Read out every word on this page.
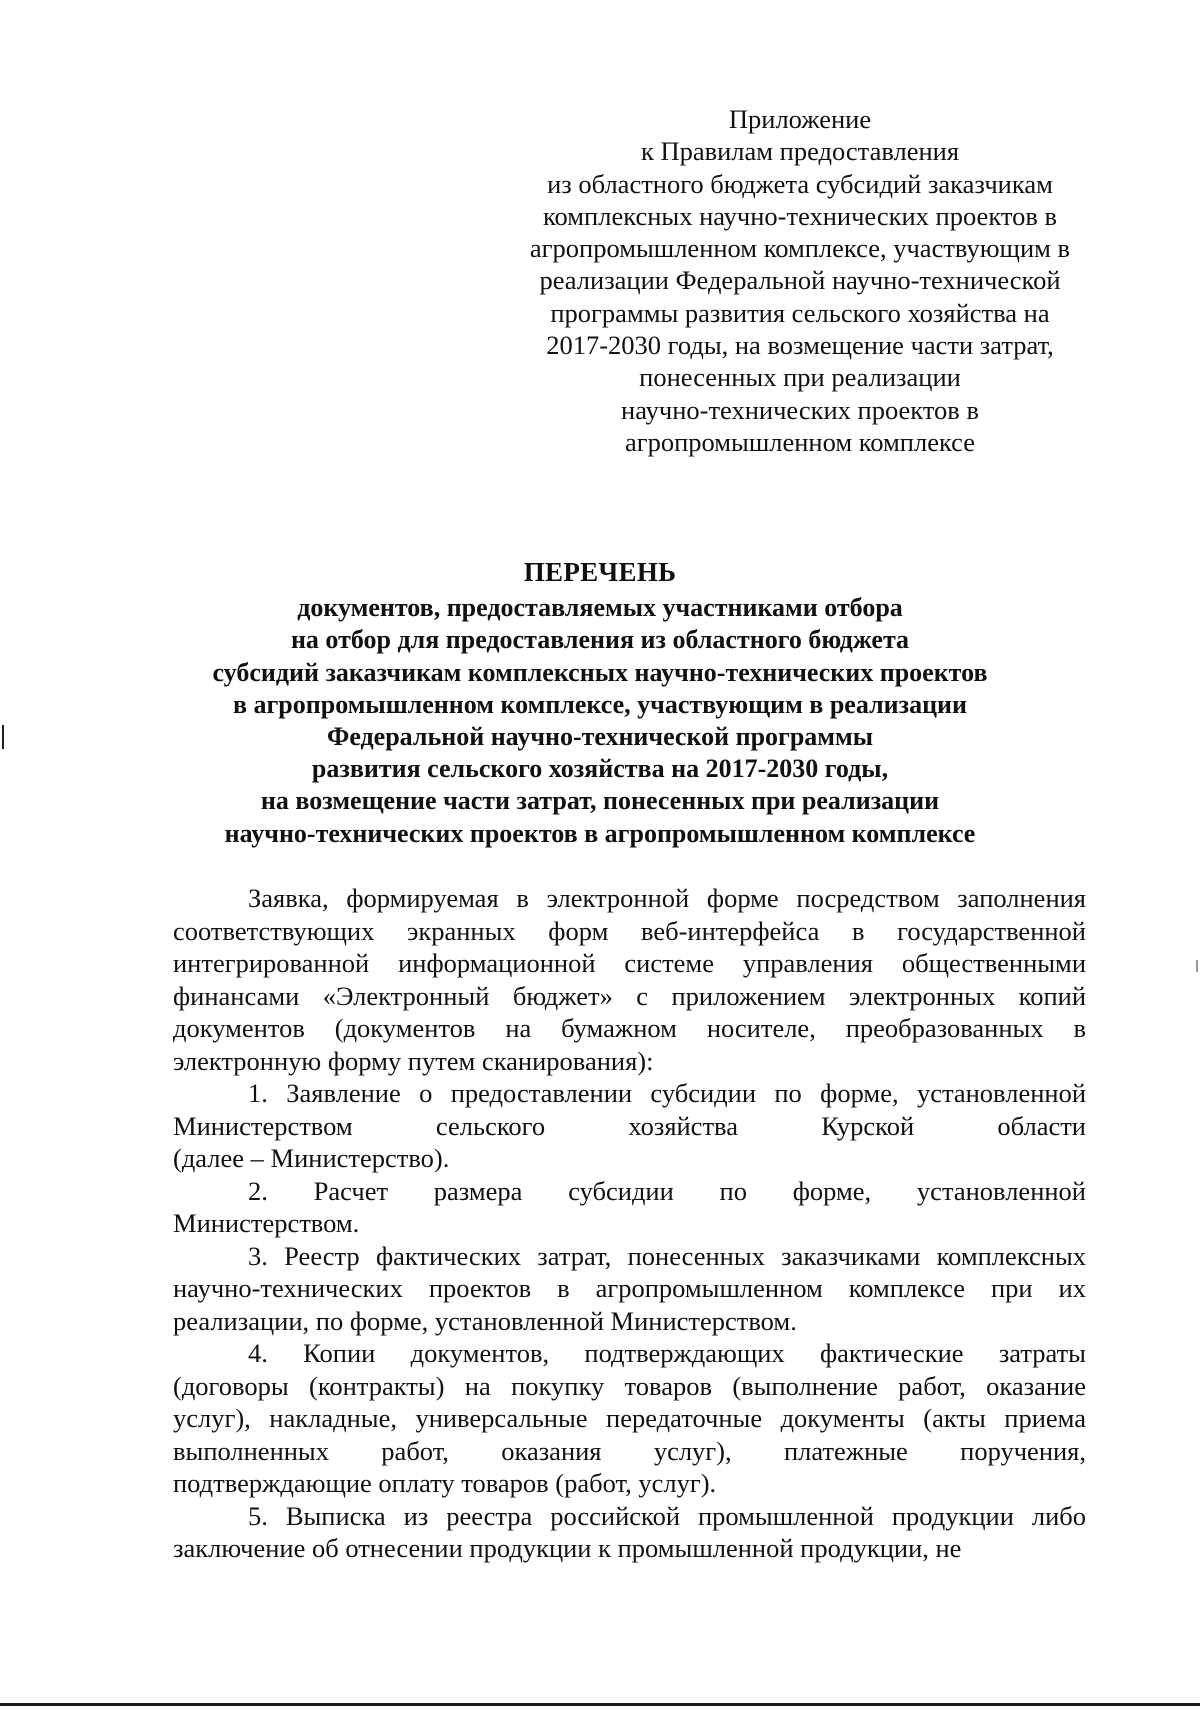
Приложение
к Правилам предоставления
из областного бюджета субсидий заказчикам
комплексных научно-технических проектов в
агропромышленном комплексе, участвующим в
реализации Федеральной научно-технической
программы развития сельского хозяйства на
2017-2030 годы, на возмещение части затрат,
понесенных при реализации
научно-технических проектов в
агропромышленном комплексе
ПЕРЕЧЕНЬ
документов, предоставляемых участниками отбора
на отбор для предоставления из областного бюджета
субсидий заказчикам комплексных научно-технических проектов
в агропромышленном комплексе, участвующим в реализации
Федеральной научно-технической программы
развития сельского хозяйства на 2017-2030 годы,
на возмещение части затрат, понесенных при реализации
научно-технических проектов в агропромышленном комплексе
Заявка, формируемая в электронной форме посредством заполнения
соответствующих экранных форм веб-интерфейса в государственной
интегрированной информационной системе управления общественными
финансами «Электронный бюджет» с приложением электронных копий
документов (документов на бумажном носителе, преобразованных в
электронную форму путем сканирования):
1. Заявление о предоставлении субсидии по форме, установленной
Министерством сельского хозяйства Курской области
(далее – Министерство).
2. Расчет размера субсидии по форме, установленной
Министерством.
3. Реестр фактических затрат, понесенных заказчиками комплексных
научно-технических проектов в агропромышленном комплексе при их
реализации, по форме, установленной Министерством.
4. Копии документов, подтверждающих фактические затраты
(договоры (контракты) на покупку товаров (выполнение работ, оказание
услуг), накладные, универсальные передаточные документы (акты приема
выполненных работ, оказания услуг), платежные поручения,
подтверждающие оплату товаров (работ, услуг).
5. Выписка из реестра российской промышленной продукции либо
заключение об отнесении продукции к промышленной продукции, не
